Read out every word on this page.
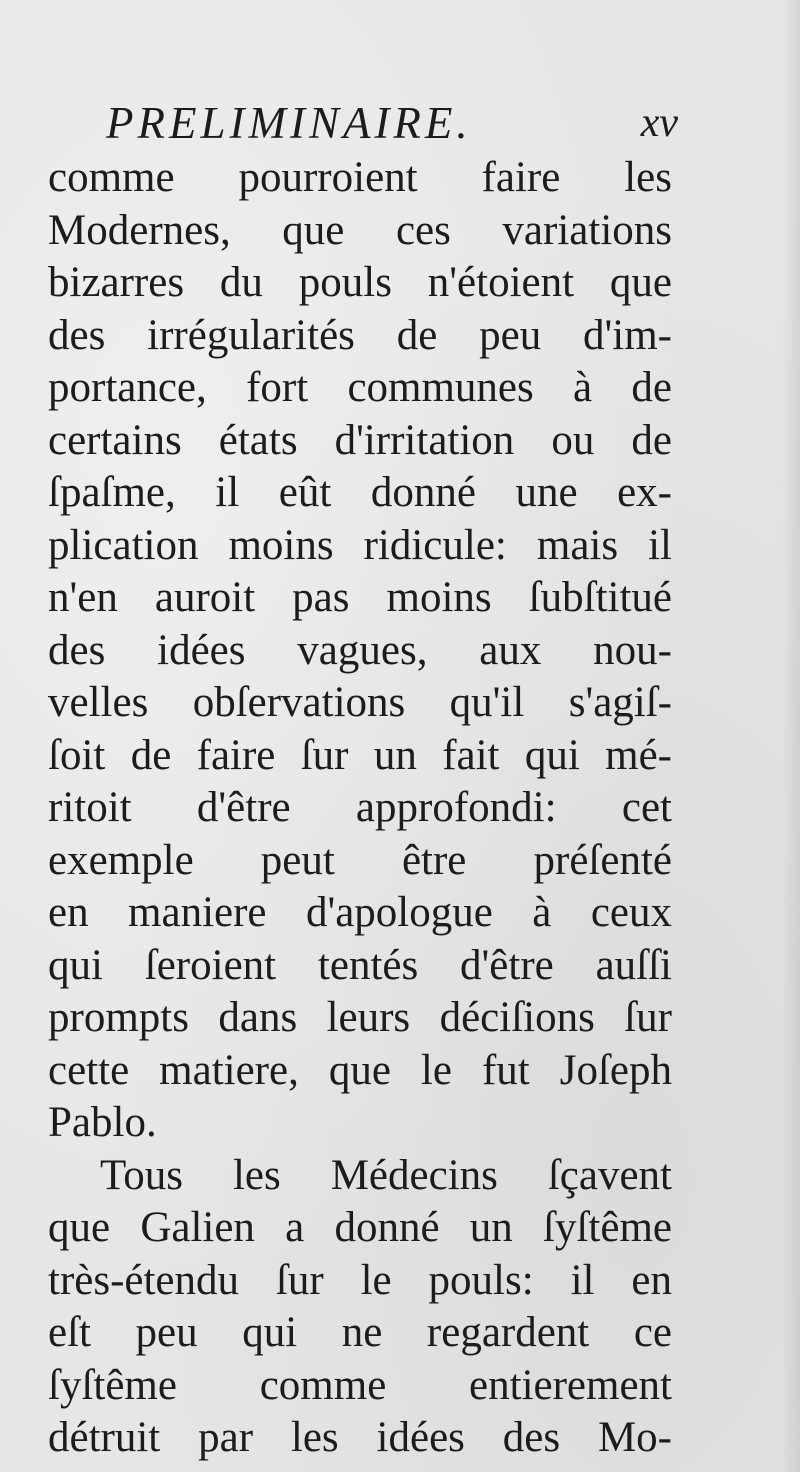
PRELIMINAIRE.	xv
comme pourroient faire les
Modernes, que ces variations
bizarres du pouls n'étoient que
des irrégularités de peu d'im-
portance, fort communes à de
certains états d'irritation ou de
ſpaſme, il eût donné une ex-
plication moins ridicule: mais il
n'en auroit pas moins ſubſtitué
des idées vagues, aux nou-
velles obſervations qu'il s'agiſ-
ſoit de faire ſur un fait qui mé-
ritoit d'être approfondi: cet
exemple peut être préſenté
en maniere d'apologue à ceux
qui ſeroient tentés d'être auſſi
prompts dans leurs déciſions ſur
cette matiere, que le fut Joſeph
Pablo.
Tous les Médecins ſçavent
que Galien a donné un ſyſtême
très-étendu ſur le pouls: il en
eſt peu qui ne regardent ce
ſyſtême comme entierement
détruit par les idées des Mo-
